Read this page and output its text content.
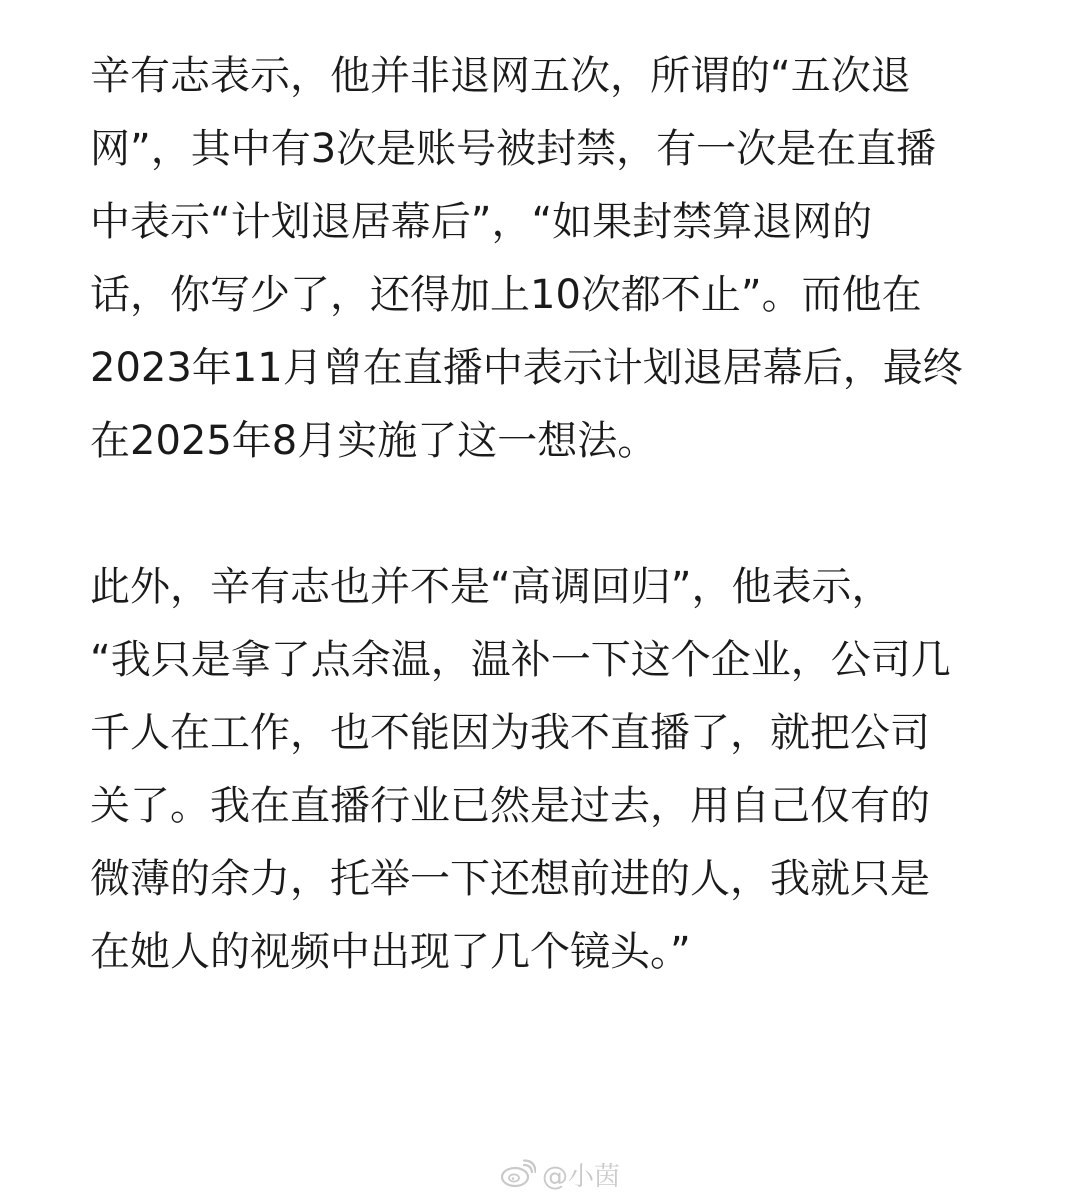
辛有志表示，他并非退网五次，所谓的“五次退
网”，其中有3次是账号被封禁，有一次是在直播
中表示“计划退居幕后”，“如果封禁算退网的
话，你写少了，还得加上10次都不止”。而他在
2023年11月曾在直播中表示计划退居幕后，最终
在2025年8月实施了这一想法。
此外，辛有志也并不是“高调回归”，他表示，
“我只是拿了点余温，温补一下这个企业，公司几
千人在工作，也不能因为我不直播了，就把公司
关了。我在直播行业已然是过去，用自己仅有的
微薄的余力，托举一下还想前进的人，我就只是
在她人的视频中出现了几个镜头。”
@小茵
